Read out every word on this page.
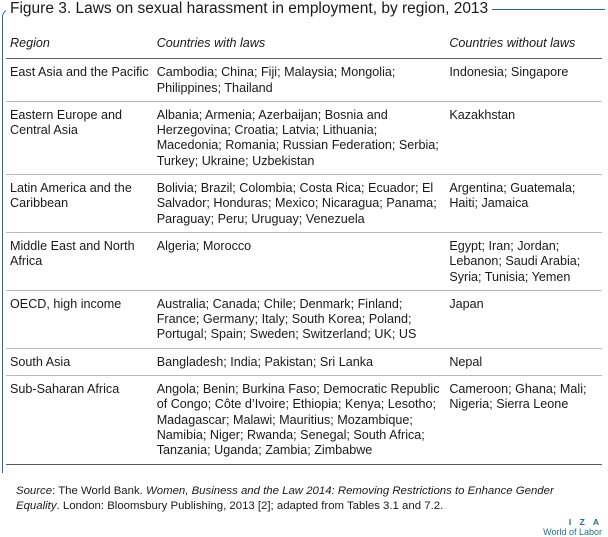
Figure 3. Laws on sexual harassment in employment, by region, 2013
Region	Countries with laws	Countries without laws
East Asia and the Pacific	Cambodia; China; Fiji; Malaysia; Mongolia; Philippines; Thailand	Indonesia; Singapore
Eastern Europe and Central Asia	Albania; Armenia; Azerbaijan; Bosnia and Herzegovina; Croatia; Latvia; Lithuania; Macedonia; Romania; Russian Federation; Serbia; Turkey; Ukraine; Uzbekistan	Kazakhstan
Latin America and the Caribbean	Bolivia; Brazil; Colombia; Costa Rica; Ecuador; El Salvador; Honduras; Mexico; Nicaragua; Panama; Paraguay; Peru; Uruguay; Venezuela	Argentina; Guatemala; Haiti; Jamaica
Middle East and North Africa	Algeria; Morocco	Egypt; Iran; Jordan; Lebanon; Saudi Arabia; Syria; Tunisia; Yemen
OECD, high income	Australia; Canada; Chile; Denmark; Finland; France; Germany; Italy; South Korea; Poland; Portugal; Spain; Sweden; Switzerland; UK; US	Japan
South Asia	Bangladesh; India; Pakistan; Sri Lanka	Nepal
Sub-Saharan Africa	Angola; Benin; Burkina Faso; Democratic Republic of Congo; Côte d’Ivoire; Ethiopia; Kenya; Lesotho; Madagascar; Malawi; Mauritius; Mozambique; Namibia; Niger; Rwanda; Senegal; South Africa; Tanzania; Uganda; Zambia; Zimbabwe	Cameroon; Ghana; Mali; Nigeria; Sierra Leone
Source: The World Bank. Women, Business and the Law 2014: Removing Restrictions to Enhance Gender Equality. London: Bloomsbury Publishing, 2013 [2]; adapted from Tables 3.1 and 7.2.
I Z A
World of Labor
